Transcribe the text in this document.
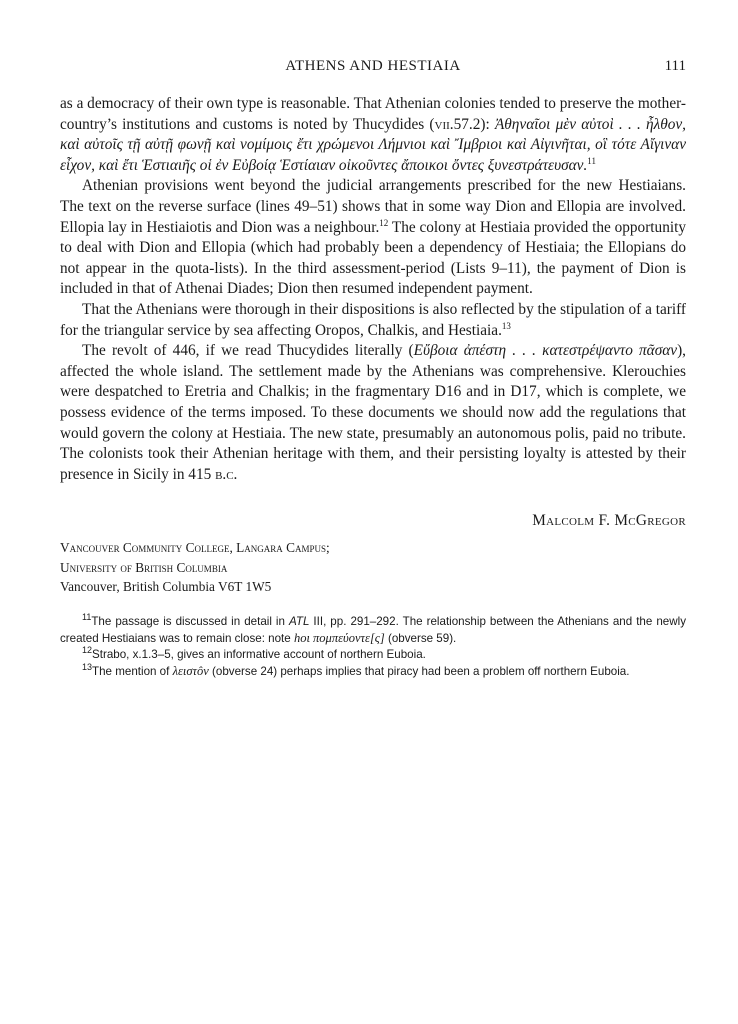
ATHENS AND HESTIAIA	111

as a democracy of their own type is reasonable. That Athenian colonies tended to preserve the mother-country’s institutions and customs is noted by Thucydides (vii.57.2): Ἀθηναῖοι μὲν αὐτοὶ . . . ἦλθον, καὶ αὐτοῖς τῇ αὐτῇ φωνῇ καὶ νομίμοις ἔτι χρώμενοι Λήμνιοι καὶ Ἴμβριοι καὶ Αἰγινῆται, οἳ τότε Αἴγιναν εἶχον, καὶ ἔτι Ἑστιαιῆς οἱ ἐν Εὐβοίᾳ Ἑστίαιαν οἰκοῦντες ἄποικοι ὄντες ξυνεστράτευσαν.$^{11}$

Athenian provisions went beyond the judicial arrangements prescribed for the new Hestiaians. The text on the reverse surface (lines 49–51) shows that in some way Dion and Ellopia are involved. Ellopia lay in Hestiaiotis and Dion was a neighbour.$^{12}$ The colony at Hestiaia provided the opportunity to deal with Dion and Ellopia (which had probably been a dependency of Hestiaia; the Ellopians do not appear in the quota-lists). In the third assessment-period (Lists 9–11), the payment of Dion is included in that of Athenai Diades; Dion then resumed independent payment.

That the Athenians were thorough in their dispositions is also reflected by the stipulation of a tariff for the triangular service by sea affecting Oropos, Chalkis, and Hestiaia.$^{13}$

The revolt of 446, if we read Thucydides literally (Εὔβοια ἀπέστη . . . κατεστρέψαντο πᾶσαν), affected the whole island. The settlement made by the Athenians was comprehensive. Klerouchies were despatched to Eretria and Chalkis; in the fragmentary D16 and in D17, which is complete, we possess evidence of the terms imposed. To these documents we should now add the regulations that would govern the colony at Hestiaia. The new state, presumably an autonomous polis, paid no tribute. The colonists took their Athenian heritage with them, and their persisting loyalty is attested by their presence in Sicily in 415 b.c.

Malcolm F. McGregor
Vancouver Community College, Langara Campus;
University of British Columbia
Vancouver, British Columbia V6T 1W5

$^{11}$The passage is discussed in detail in ATL III, pp. 291–292. The relationship between the Athenians and the newly created Hestiaians was to remain close: note hοι πομπεύοντε[ς] (obverse 59).

$^{12}$Strabo, x.1.3–5, gives an informative account of northern Euboia.

$^{13}$The mention of λειστôν (obverse 24) perhaps implies that piracy had been a problem off northern Euboia.
